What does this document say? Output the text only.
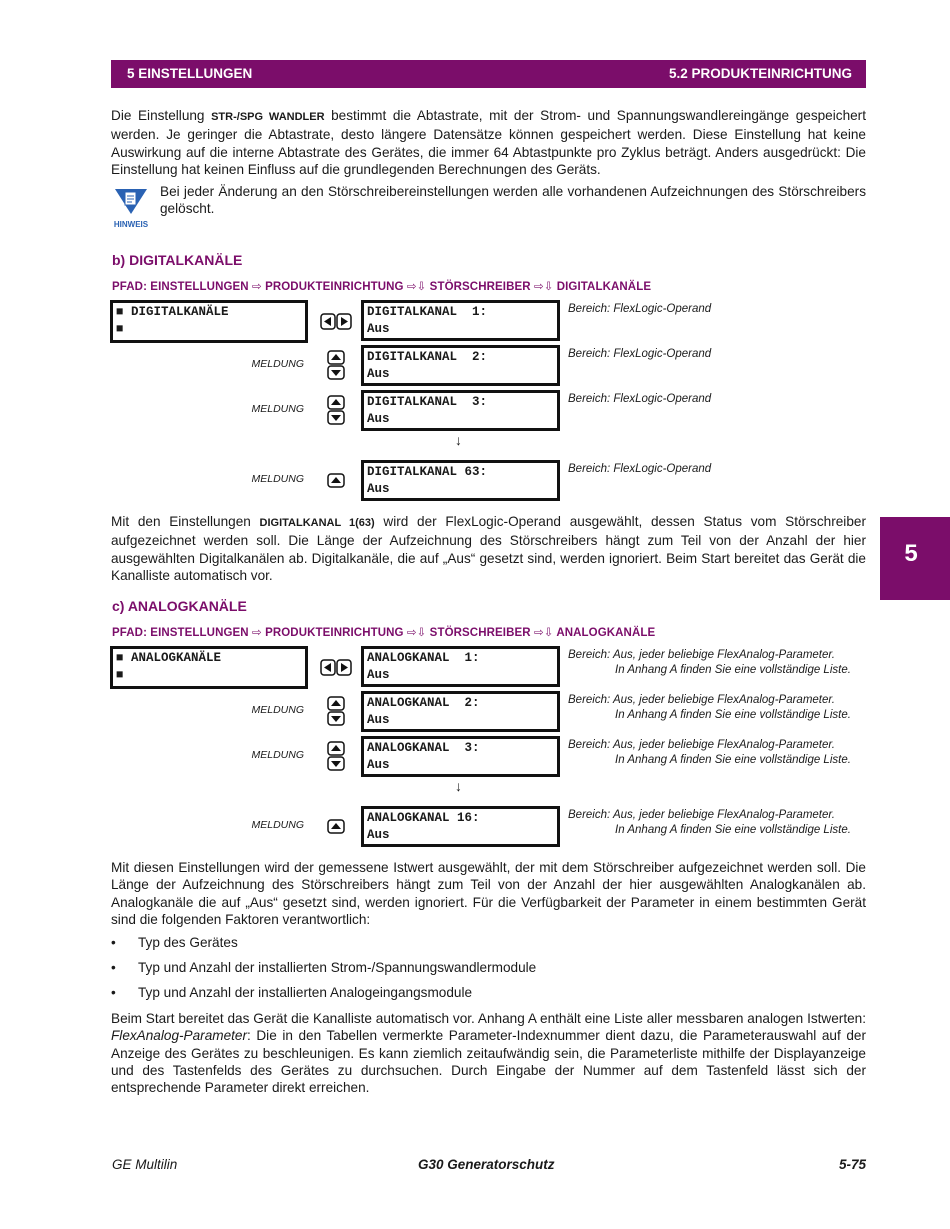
5 EINSTELLUNGEN	5.2 PRODUKTEINRICHTUNG
5
Die Einstellung STR-/SPG WANDLER bestimmt die Abtastrate, mit der Strom- und Spannungswandlereingänge gespeichert werden. Je geringer die Abtastrate, desto längere Datensätze können gespeichert werden. Diese Einstellung hat keine Auswirkung auf die interne Abtastrate des Gerätes, die immer 64 Abtastpunkte pro Zyklus beträgt. Anders ausgedrückt: Die Einstellung hat keinen Einfluss auf die grundlegenden Berechnungen des Geräts.
HINWEIS
Bei jeder Änderung an den Störschreibereinstellungen werden alle vorhandenen Aufzeichnungen des Störschreibers gelöscht.
b) DIGITALKANÄLE
PFAD: EINSTELLUNGEN ⇨ PRODUKTEINRICHTUNG ⇨⇩ STÖRSCHREIBER ⇨⇩ DIGITALKANÄLE
■ DIGITALKANÄLE
■
DIGITALKANAL  1:
Aus
Bereich: FlexLogic-Operand
MELDUNG	DIGITALKANAL  2:
Aus
Bereich: FlexLogic-Operand
MELDUNG	DIGITALKANAL  3:
Aus
Bereich: FlexLogic-Operand
↓
MELDUNG	DIGITALKANAL 63:
Aus
Bereich: FlexLogic-Operand
Mit den Einstellungen DIGITALKANAL 1(63) wird der FlexLogic-Operand ausgewählt, dessen Status vom Störschreiber aufgezeichnet werden soll. Die Länge der Aufzeichnung des Störschreibers hängt zum Teil von der Anzahl der hier ausgewählten Digitalkanälen ab. Digitalkanäle, die auf „Aus“ gesetzt sind, werden ignoriert. Beim Start bereitet das Gerät die Kanalliste automatisch vor.
c) ANALOGKANÄLE
PFAD: EINSTELLUNGEN ⇨ PRODUKTEINRICHTUNG ⇨⇩ STÖRSCHREIBER ⇨⇩ ANALOGKANÄLE
■ ANALOGKANÄLE
■
ANALOGKANAL  1:
Aus
Bereich: Aus, jeder beliebige FlexAnalog-Parameter.
In Anhang A finden Sie eine vollständige Liste.
MELDUNG	ANALOGKANAL  2:
Aus
Bereich: Aus, jeder beliebige FlexAnalog-Parameter.
In Anhang A finden Sie eine vollständige Liste.
MELDUNG	ANALOGKANAL  3:
Aus
Bereich: Aus, jeder beliebige FlexAnalog-Parameter.
In Anhang A finden Sie eine vollständige Liste.
↓
MELDUNG	ANALOGKANAL 16:
Aus
Bereich: Aus, jeder beliebige FlexAnalog-Parameter.
In Anhang A finden Sie eine vollständige Liste.
Mit diesen Einstellungen wird der gemessene Istwert ausgewählt, der mit dem Störschreiber aufgezeichnet werden soll. Die Länge der Aufzeichnung des Störschreibers hängt zum Teil von der Anzahl der hier ausgewählten Analogkanälen ab. Analogkanäle die auf „Aus“ gesetzt sind, werden ignoriert. Für die Verfügbarkeit der Parameter in einem bestimmten Gerät sind die folgenden Faktoren verantwortlich:
• Typ des Gerätes
• Typ und Anzahl der installierten Strom-/Spannungswandlermodule
• Typ und Anzahl der installierten Analogeingangsmodule
Beim Start bereitet das Gerät die Kanalliste automatisch vor. Anhang A enthält eine Liste aller messbaren analogen Istwerten: FlexAnalog-Parameter: Die in den Tabellen vermerkte Parameter-Indexnummer dient dazu, die Parameterauswahl auf der Anzeige des Gerätes zu beschleunigen. Es kann ziemlich zeitaufwändig sein, die Parameterliste mithilfe der Displayanzeige und des Tastenfelds des Gerätes zu durchsuchen. Durch Eingabe der Nummer auf dem Tastenfeld lässt sich der entsprechende Parameter direkt erreichen.
GE Multilin	G30 Generatorschutz	5-75
